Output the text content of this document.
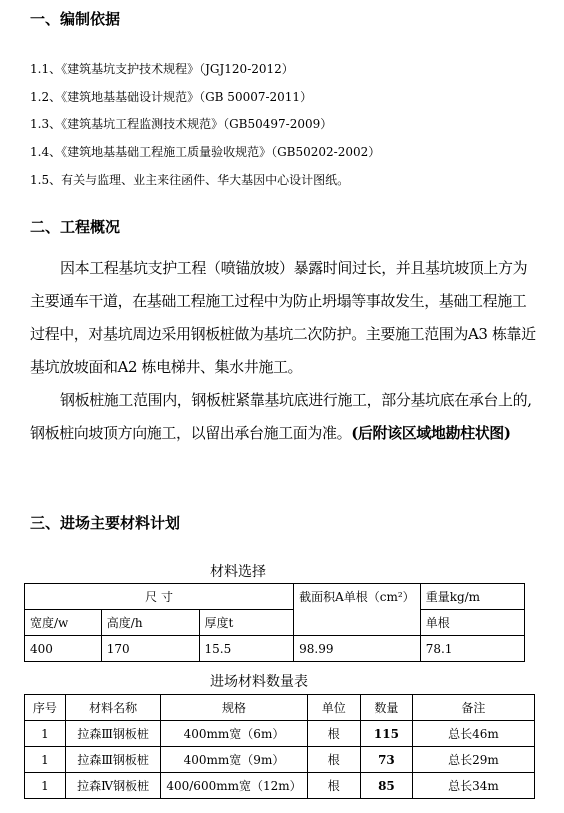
一、编制依据
1.1、《建筑基坑支护技术规程》（JGJ120-2012）
1.2、《建筑地基基础设计规范》（GB 50007-2011）
1.3、《建筑基坑工程监测技术规范》（GB50497-2009）
1.4、《建筑地基基础工程施工质量验收规范》（GB50202-2002）
1.5、有关与监理、业主来往函件、华大基因中心设计图纸。
二、工程概况

因本工程基坑支护工程（喷锚放坡）暴露时间过长，并且基坑坡顶上方为主要通车干道，在基础工程施工过程中为防止坍塌等事故发生，基础工程施工过程中，对基坑周边采用钢板桩做为基坑二次防护。主要施工范围为A3 栋靠近基坑放坡面和A2 栋电梯井、集水井施工。

钢板桩施工范围内，钢板桩紧靠基坑底进行施工，部分基坑底在承台上的, 钢板桩向坡顶方向施工，以留出承台施工面为准。(后附该区域地勘柱状图)

三、进场主要材料计划
材料选择
尺 寸			截面积A单根（cm²）	重量kg/m
宽度/w	高度/h	厚度t		单根
400	170	15.5	98.99	78.1
进场材料数量表
序号	材料名称	规格	单位	数量	备注
1	拉森Ⅲ钢板桩	400mm宽（6m）	根	115	总长46m
1	拉森Ⅲ钢板桩	400mm宽（9m）	根	73	总长29m
1	拉森Ⅳ钢板桩	400/600mm宽（12m）	根	85	总长34m
